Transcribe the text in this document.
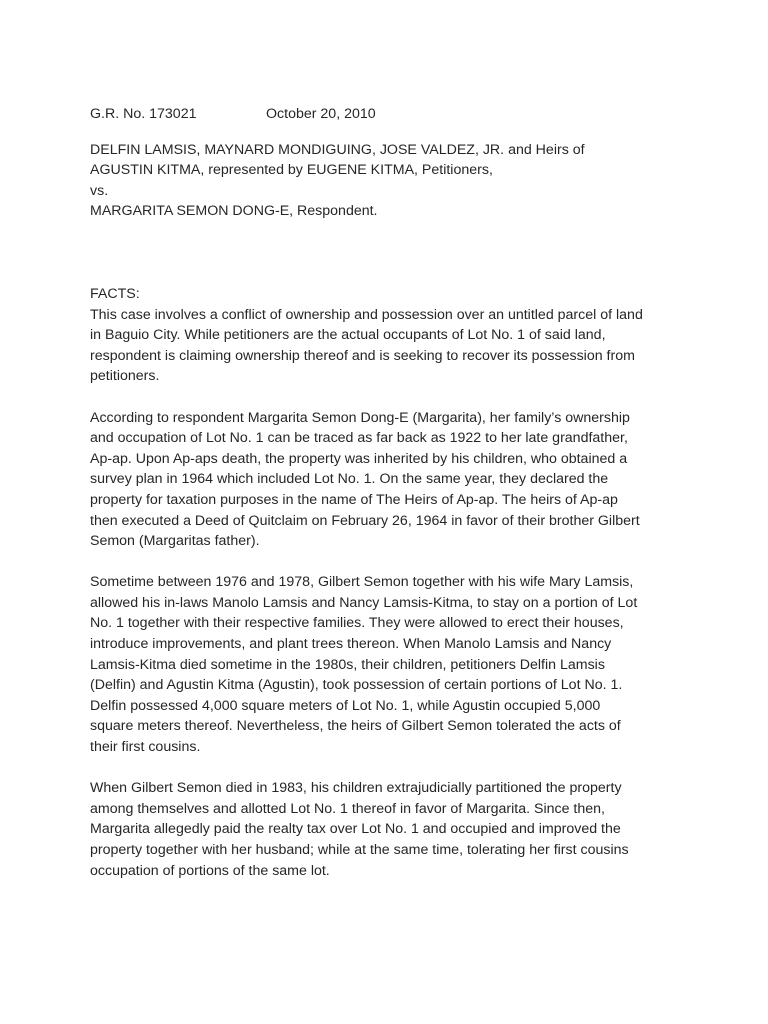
G.R. No. 173021	October 20, 2010

DELFIN LAMSIS, MAYNARD MONDIGUING, JOSE VALDEZ, JR. and Heirs of
AGUSTIN KITMA, represented by EUGENE KITMA, Petitioners,

vs.

MARGARITA SEMON DONG-E, Respondent.

FACTS:

This case involves a conflict of ownership and possession over an untitled parcel of land
in Baguio City. While petitioners are the actual occupants of Lot No. 1 of said land,
respondent is claiming ownership thereof and is seeking to recover its possession from
petitioners.

According to respondent Margarita Semon Dong-E (Margarita), her family’s ownership
and occupation of Lot No. 1 can be traced as far back as 1922 to her late grandfather,
Ap-ap. Upon Ap-aps death, the property was inherited by his children, who obtained a
survey plan in 1964 which included Lot No. 1. On the same year, they declared the
property for taxation purposes in the name of The Heirs of Ap-ap. The heirs of Ap-ap
then executed a Deed of Quitclaim on February 26, 1964 in favor of their brother Gilbert
Semon (Margaritas father).

Sometime between 1976 and 1978, Gilbert Semon together with his wife Mary Lamsis,
allowed his in-laws Manolo Lamsis and Nancy Lamsis-Kitma, to stay on a portion of Lot
No. 1 together with their respective families. They were allowed to erect their houses,
introduce improvements, and plant trees thereon. When Manolo Lamsis and Nancy
Lamsis-Kitma died sometime in the 1980s, their children, petitioners Delfin Lamsis
(Delfin) and Agustin Kitma (Agustin), took possession of certain portions of Lot No. 1.
Delfin possessed 4,000 square meters of Lot No. 1, while Agustin occupied 5,000
square meters thereof. Nevertheless, the heirs of Gilbert Semon tolerated the acts of
their first cousins.

When Gilbert Semon died in 1983, his children extrajudicially partitioned the property
among themselves and allotted Lot No. 1 thereof in favor of Margarita. Since then,
Margarita allegedly paid the realty tax over Lot No. 1 and occupied and improved the
property together with her husband; while at the same time, tolerating her first cousins
occupation of portions of the same lot.
